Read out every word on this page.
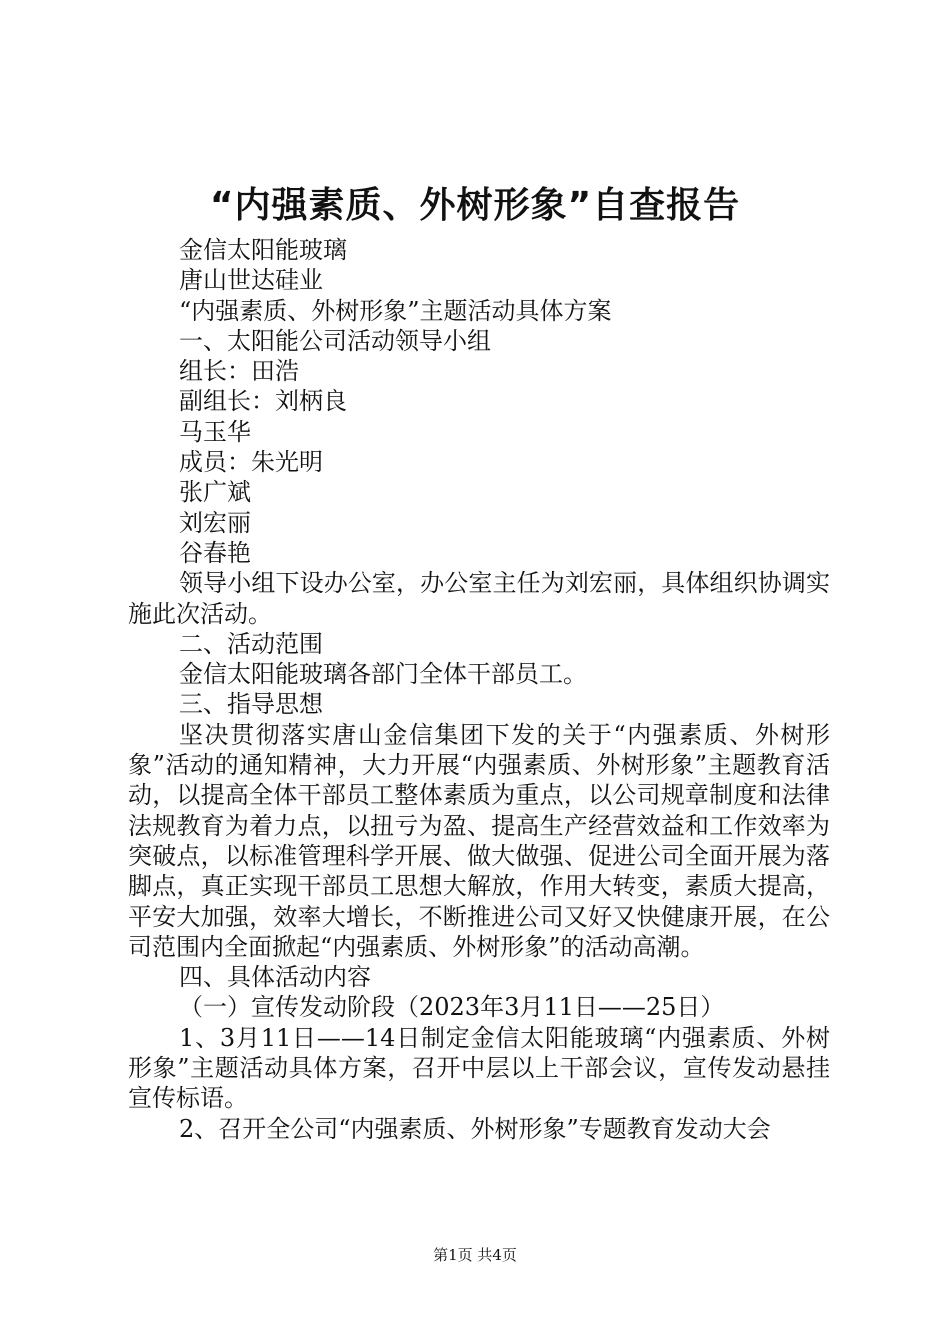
“内强素质、外树形象”自查报告

金信太阳能玻璃

唐山世达硅业

“内强素质、外树形象”主题活动具体方案

一、太阳能公司活动领导小组

组长：田浩

副组长：刘柄良

马玉华

成员：朱光明

张广斌

刘宏丽

谷春艳

领导小组下设办公室，办公室主任为刘宏丽，具体组织协调实施此次活动。

二、活动范围

金信太阳能玻璃各部门全体干部员工。

三、指导思想

坚决贯彻落实唐山金信集团下发的关于“内强素质、外树形象”活动的通知精神，大力开展“内强素质、外树形象”主题教育活动，以提高全体干部员工整体素质为重点，以公司规章制度和法律法规教育为着力点，以扭亏为盈、提高生产经营效益和工作效率为突破点，以标准管理科学开展、做大做强、促进公司全面开展为落脚点，真正实现干部员工思想大解放，作用大转变，素质大提高，平安大加强，效率大增长，不断推进公司又好又快健康开展，在公司范围内全面掀起“内强素质、外树形象”的活动高潮。

四、具体活动内容

（一）宣传发动阶段（2023年3月11日——25日）

1、3月11日——14日制定金信太阳能玻璃“内强素质、外树形象”主题活动具体方案，召开中层以上干部会议，宣传发动悬挂宣传标语。

2、召开全公司“内强素质、外树形象”专题教育发动大会

第1页 共4页
